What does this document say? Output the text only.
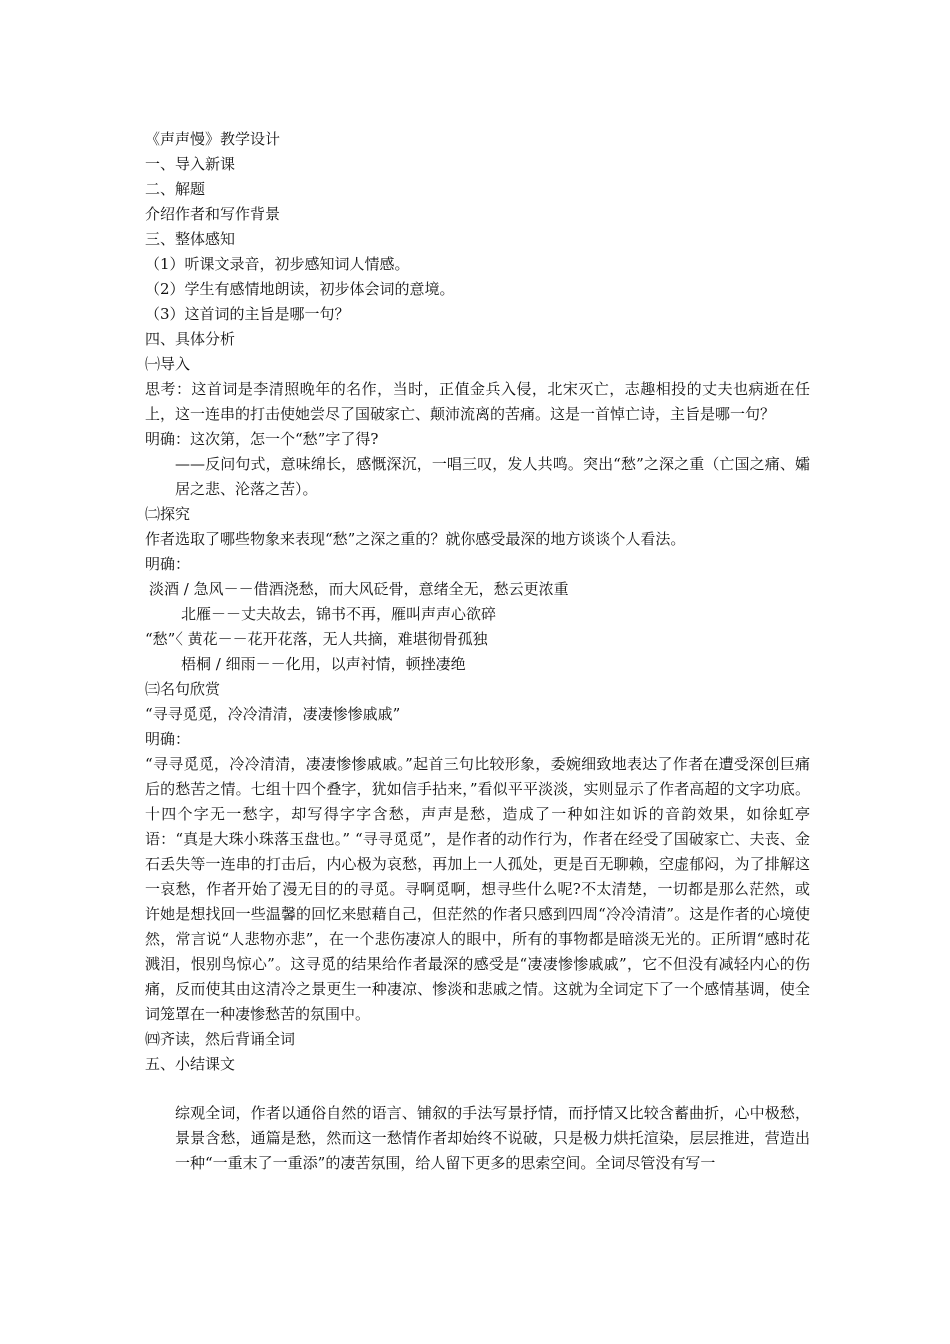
《声声慢》教学设计
一、导入新课
二、解题
介绍作者和写作背景
三、整体感知
（1）听课文录音，初步感知词人情感。
（2）学生有感情地朗读，初步体会词的意境。
（3）这首词的主旨是哪一句？
四、具体分析
㈠导入
思考：这首词是李清照晚年的名作，当时，正值金兵入侵，北宋灭亡，志趣相投的丈夫也病逝在任上，这一连串的打击使她尝尽了国破家亡、颠沛流离的苦痛。这是一首悼亡诗，主旨是哪一句？
明确：这次第，怎一个“愁”字了得?
——反问句式，意味绵长，感慨深沉，一唱三叹，发人共鸣。突出“愁”之深之重（亡国之痛、孀居之悲、沦落之苦）。
㈡探究
作者选取了哪些物象来表现“愁”之深之重的？就你感受最深的地方谈谈个人看法。
明确：
淡酒 / 急风－－借酒浇愁，而大风砭骨，意绪全无，愁云更浓重
北雁－－丈夫故去，锦书不再，雁叫声声心欲碎
“愁”〈 黄花－－花开花落，无人共摘，难堪彻骨孤独
梧桐 / 细雨－－化用，以声衬情，顿挫凄绝
㈢名句欣赏
“寻寻觅觅，冷冷清清，凄凄惨惨戚戚”
明确：
“寻寻觅觅，冷冷清清，凄凄惨惨戚戚。”起首三句比较形象，委婉细致地表达了作者在遭受深创巨痛后的愁苦之情。七组十四个叠字，犹如信手拈来，”看似平平淡淡，实则显示了作者高超的文字功底。十四个字无一愁字，却写得字字含愁，声声是愁，造成了一种如注如诉的音韵效果，如徐虹亭语：“真是大珠小珠落玉盘也。” “寻寻觅觅”，是作者的动作行为，作者在经受了国破家亡、夫丧、金石丢失等一连串的打击后，内心极为哀愁，再加上一人孤处，更是百无聊赖，空虚郁闷，为了排解这一哀愁，作者开始了漫无目的的寻觅。寻啊觅啊，想寻些什么呢?不太清楚，一切都是那么茫然，或许她是想找回一些温馨的回忆来慰藉自己，但茫然的作者只感到四周“冷冷清清”。这是作者的心境使然，常言说“人悲物亦悲”，在一个悲伤凄凉人的眼中，所有的事物都是暗淡无光的。正所谓“感时花溅泪，恨别鸟惊心”。这寻觅的结果给作者最深的感受是“凄凄惨惨戚戚”，它不但没有减轻内心的伤痛，反而使其由这清冷之景更生一种凄凉、惨淡和悲戚之情。这就为全词定下了一个感情基调，使全词笼罩在一种凄惨愁苦的氛围中。
㈣齐读，然后背诵全词
五、小结课文
综观全词，作者以通俗自然的语言、铺叙的手法写景抒情，而抒情又比较含蓄曲折，心中极愁，景景含愁，通篇是愁，然而这一愁情作者却始终不说破，只是极力烘托渲染，层层推进，营造出一种“一重末了一重添”的凄苦氛围，给人留下更多的思索空间。全词尽管没有写一
